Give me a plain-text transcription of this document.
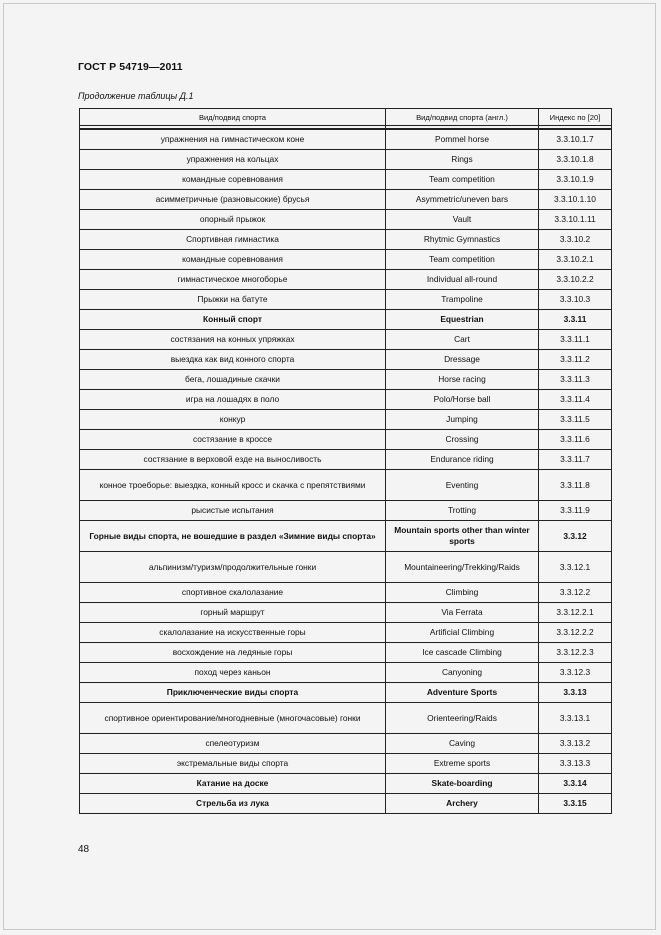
ГОСТ Р 54719—2011
Продолжение таблицы Д.1
Вид/подвид спорта	Вид/подвид спорта (англ.)	Индекс по [20]

упражнения на гимнастическом коне	Pommel horse	3.3.10.1.7
упражнения на кольцах	Rings	3.3.10.1.8
командные соревнования	Team competition	3.3.10.1.9
асимметричные (разновысокие) брусья	Asymmetric/uneven bars	3.3.10.1.10
опорный прыжок	Vault	3.3.10.1.11
Спортивная гимнастика	Rhytmic Gymnastics	3.3.10.2
командные соревнования	Team competition	3.3.10.2.1
гимнастическое многоборье	Individual all-round	3.3.10.2.2
Прыжки на батуте	Trampoline	3.3.10.3
Конный спорт	Equestrian	3.3.11
состязания на конных упряжках	Cart	3.3.11.1
выездка как вид конного спорта	Dressage	3.3.11.2
бега, лошадиные скачки	Horse racing	3.3.11.3
игра на лошадях в поло	Polo/Horse ball	3.3.11.4
конкур	Jumping	3.3.11.5
состязание в кроссе	Crossing	3.3.11.6
состязание в верховой езде на выносливость	Endurance riding	3.3.11.7
конное троеборье: выездка, конный кросс и скачка с препятствиями	Eventing	3.3.11.8
рысистые испытания	Trotting	3.3.11.9
Горные виды спорта, не вошедшие в раздел «Зимние виды спорта»	Mountain sports other than winter sports	3.3.12
альпинизм/туризм/продолжительные гонки	Mountaineering/Trekking/Raids	3.3.12.1
спортивное скалолазание	Climbing	3.3.12.2
горный маршрут	Via Ferrata	3.3.12.2.1
скалолазание на искусственные горы	Artificial Climbing	3.3.12.2.2
восхождение на ледяные горы	Ice cascade Climbing	3.3.12.2.3
поход через каньон	Canyoning	3.3.12.3
Приключенческие виды спорта	Adventure Sports	3.3.13
спортивное ориентирование/многодневные (многочасовые) гонки	Orienteering/Raids	3.3.13.1
спелеотуризм	Caving	3.3.13.2
экстремальные виды спорта	Extreme sports	3.3.13.3
Катание на доске	Skate-boarding	3.3.14
Стрельба из лука	Archery	3.3.15
48
